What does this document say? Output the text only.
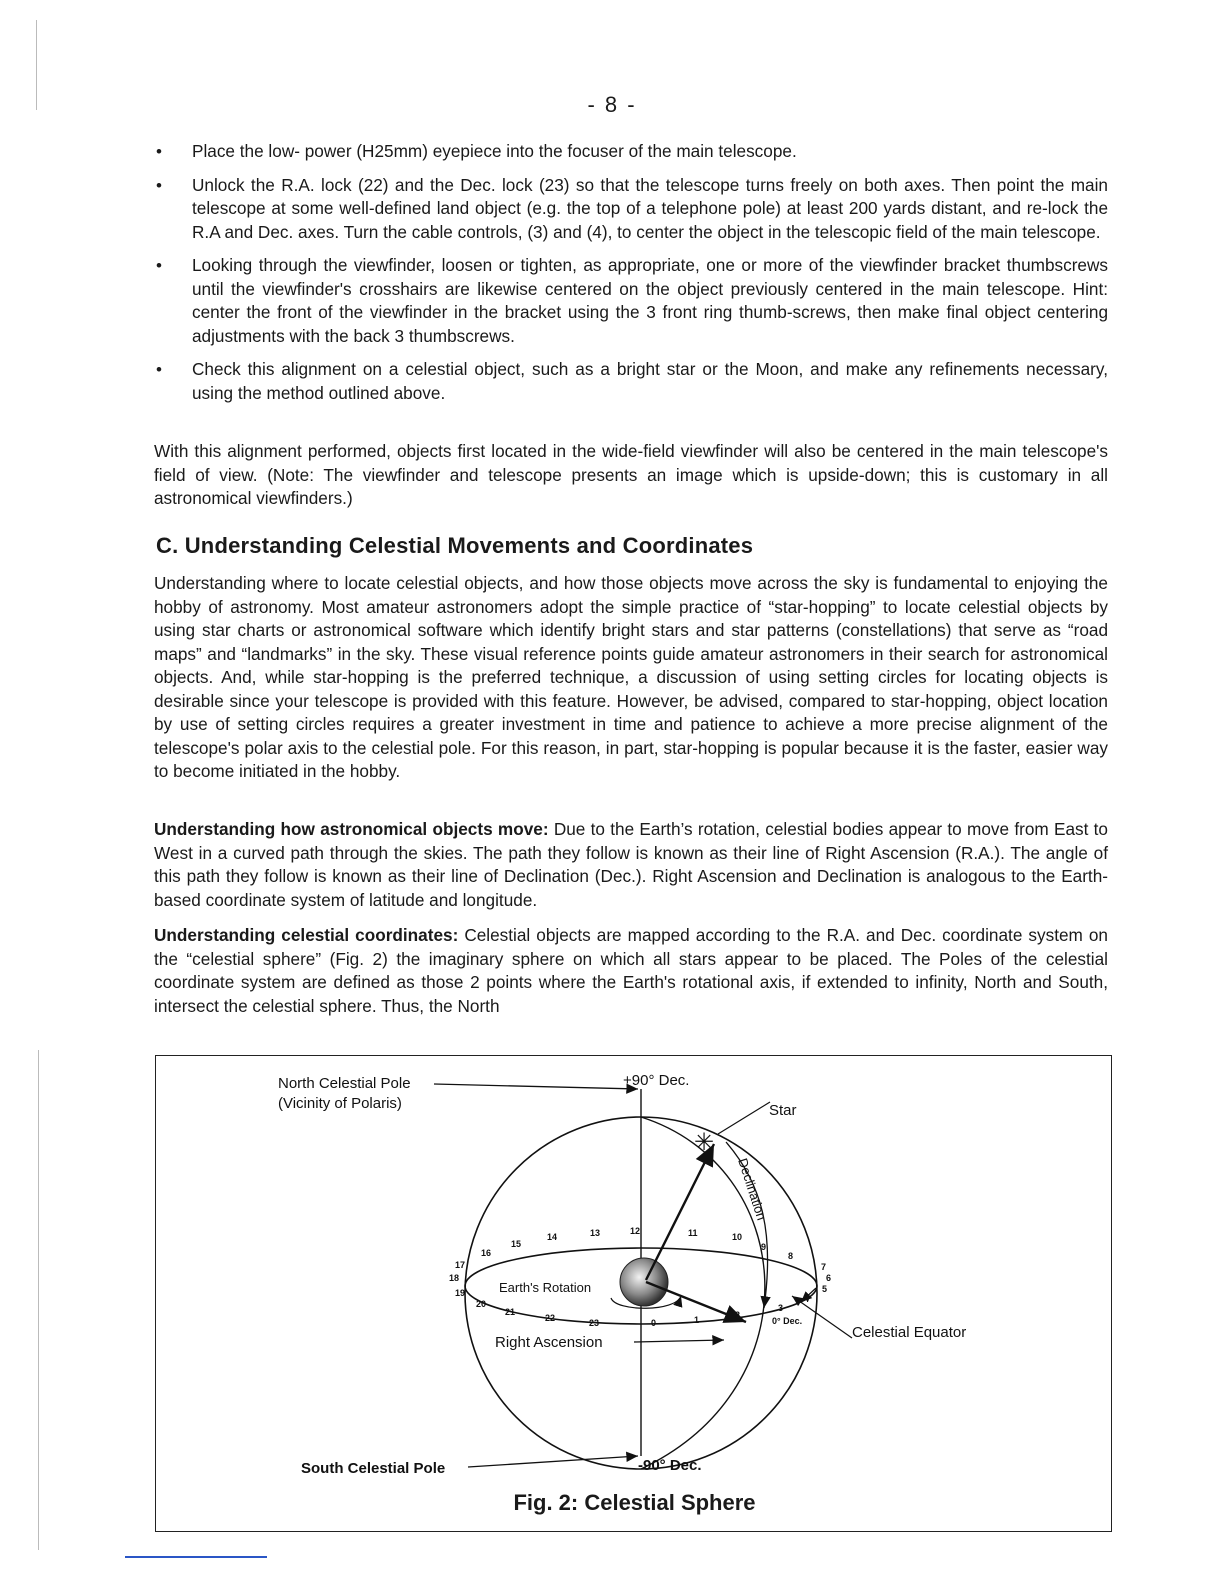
- 8 -
• Place the low- power (H25mm) eyepiece into the focuser of the main telescope.
• Unlock the R.A. lock (22) and the Dec. lock (23) so that the telescope turns freely on both axes. Then point the main telescope at some well-defined land object (e.g. the top of a telephone pole) at least 200 yards distant, and re-lock the R.A and Dec. axes. Turn the cable controls, (3) and (4), to center the object in the telescopic field of the main telescope.
• Looking through the viewfinder, loosen or tighten, as appropriate, one or more of the viewfinder bracket thumbscrews until the viewfinder's crosshairs are likewise centered on the object previously centered in the main telescope. Hint: center the front of the viewfinder in the bracket using the 3 front ring thumb-screws, then make final object centering adjustments with the back 3 thumbscrews.
• Check this alignment on a celestial object, such as a bright star or the Moon, and make any refinements necessary, using the method outlined above.

With this alignment performed, objects first located in the wide-field viewfinder will also be centered in the main telescope's field of view. (Note: The viewfinder and telescope presents an image which is upside-down; this is customary in all astronomical viewfinders.)

C. Understanding Celestial Movements and Coordinates

Understanding where to locate celestial objects, and how those objects move across the sky is fundamental to enjoying the hobby of astronomy. Most amateur astronomers adopt the simple practice of “star-hopping” to locate celestial objects by using star charts or astronomical software which identify bright stars and star patterns (constellations) that serve as “road maps” and “landmarks” in the sky. These visual reference points guide amateur astronomers in their search for astronomical objects. And, while star-hopping is the preferred technique, a discussion of using setting circles for locating objects is desirable since your telescope is provided with this feature. However, be advised, compared to star-hopping, object location by use of setting circles requires a greater investment in time and patience to achieve a more precise alignment of the telescope's polar axis to the celestial pole. For this reason, in part, star-hopping is popular because it is the faster, easier way to become initiated in the hobby.

Understanding how astronomical objects move: Due to the Earth’s rotation, celestial bodies appear to move from East to West in a curved path through the skies. The path they follow is known as their line of Right Ascension (R.A.). The angle of this path they follow is known as their line of Declination (Dec.). Right Ascension and Declination is analogous to the Earth-based coordinate system of latitude and longitude.

Understanding celestial coordinates: Celestial objects are mapped according to the R.A. and Dec. coordinate system on the “celestial sphere” (Fig. 2) the imaginary sphere on which all stars appear to be placed. The Poles of the celestial coordinate system are defined as those 2 points where the Earth's rotational axis, if extended to infinity, North and South, intersect the celestial sphere. Thus, the North

✳
North Celestial Pole
(Vicinity of Polaris)
+90° Dec.
Star
Declination
Earth's Rotation
Right Ascension
0° Dec.
Celestial Equator
South Celestial Pole	-90° Dec.
0	1	2
3
4
5
6
7
8
9
10
11
12
13
14
15
16
17
18
19
20
21
22	23
Fig. 2: Celestial Sphere
